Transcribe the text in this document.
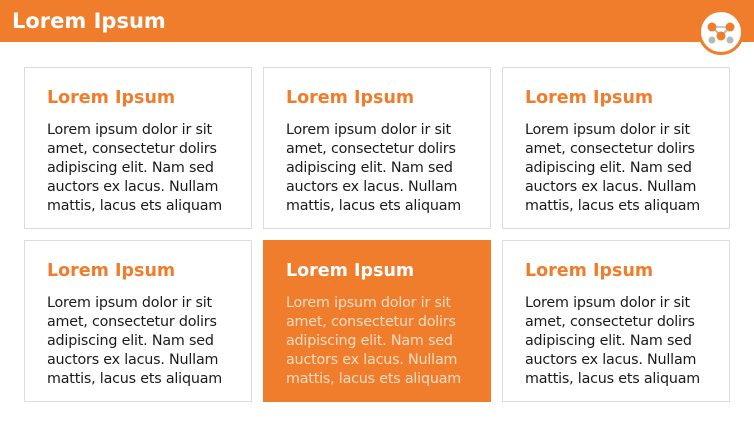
Lorem Ipsum
Lorem Ipsum
Lorem ipsum dolor ir sit
amet, consectetur dolirs
adipiscing elit. Nam sed
auctors ex lacus. Nullam
mattis, lacus ets aliquam
Lorem Ipsum
Lorem ipsum dolor ir sit
amet, consectetur dolirs
adipiscing elit. Nam sed
auctors ex lacus. Nullam
mattis, lacus ets aliquam
Lorem Ipsum
Lorem ipsum dolor ir sit
amet, consectetur dolirs
adipiscing elit. Nam sed
auctors ex lacus. Nullam
mattis, lacus ets aliquam
Lorem Ipsum
Lorem ipsum dolor ir sit
amet, consectetur dolirs
adipiscing elit. Nam sed
auctors ex lacus. Nullam
mattis, lacus ets aliquam
Lorem Ipsum
Lorem ipsum dolor ir sit
amet, consectetur dolirs
adipiscing elit. Nam sed
auctors ex lacus. Nullam
mattis, lacus ets aliquam
Lorem Ipsum
Lorem ipsum dolor ir sit
amet, consectetur dolirs
adipiscing elit. Nam sed
auctors ex lacus. Nullam
mattis, lacus ets aliquam
